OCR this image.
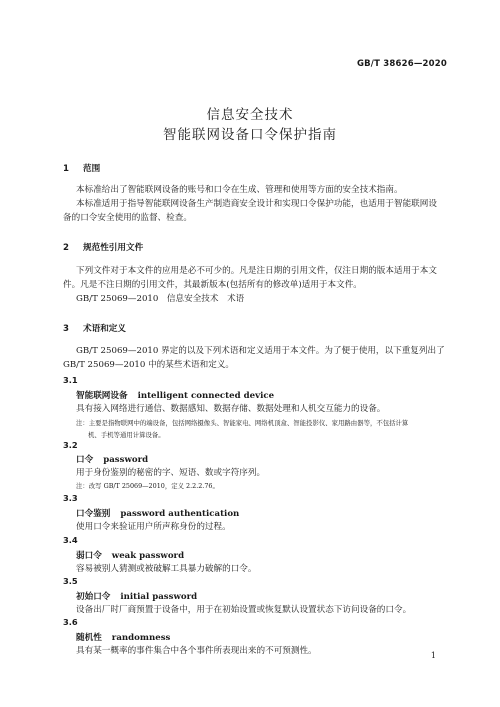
GB/T 38626—2020
信息安全技术
智能联网设备口令保护指南
1 范围
本标准给出了智能联网设备的账号和口令在生成、管理和使用等方面的安全技术指南。
本标准适用于指导智能联网设备生产制造商安全设计和实现口令保护功能，也适用于智能联网设
备的口令安全使用的监督、检查。
2 规范性引用文件
下列文件对于本文件的应用是必不可少的。凡是注日期的引用文件，仅注日期的版本适用于本文
件。凡是不注日期的引用文件，其最新版本(包括所有的修改单)适用于本文件。
GB/T 25069—2010　信息安全技术　术语
3 术语和定义
GB/T 25069—2010 界定的以及下列术语和定义适用于本文件。为了便于使用，以下重复列出了
GB/T 25069—2010 中的某些术语和定义。
3.1
智能联网设备 intelligent connected device
具有接入网络进行通信、数据感知、数据存储、数据处理和人机交互能力的设备。
注：主要是指物联网中的端设备，包括网络摄像头、智能家电、网络机顶盒、智能投影仪、家用路由器等，不包括计算
机、手机等通用计算设备。
3.2
口令 password
用于身份鉴别的秘密的字、短语、数或字符序列。
注：改写 GB/T 25069—2010，定义 2.2.2.76。
3.3
口令鉴别 password authentication
使用口令来验证用户所声称身份的过程。
3.4
弱口令 weak password
容易被别人猜测或被破解工具暴力破解的口令。
3.5
初始口令 initial password
设备出厂时厂商预置于设备中，用于在初始设置或恢复默认设置状态下访问设备的口令。
3.6
随机性 randomness
具有某一概率的事件集合中各个事件所表现出来的不可预测性。	1
